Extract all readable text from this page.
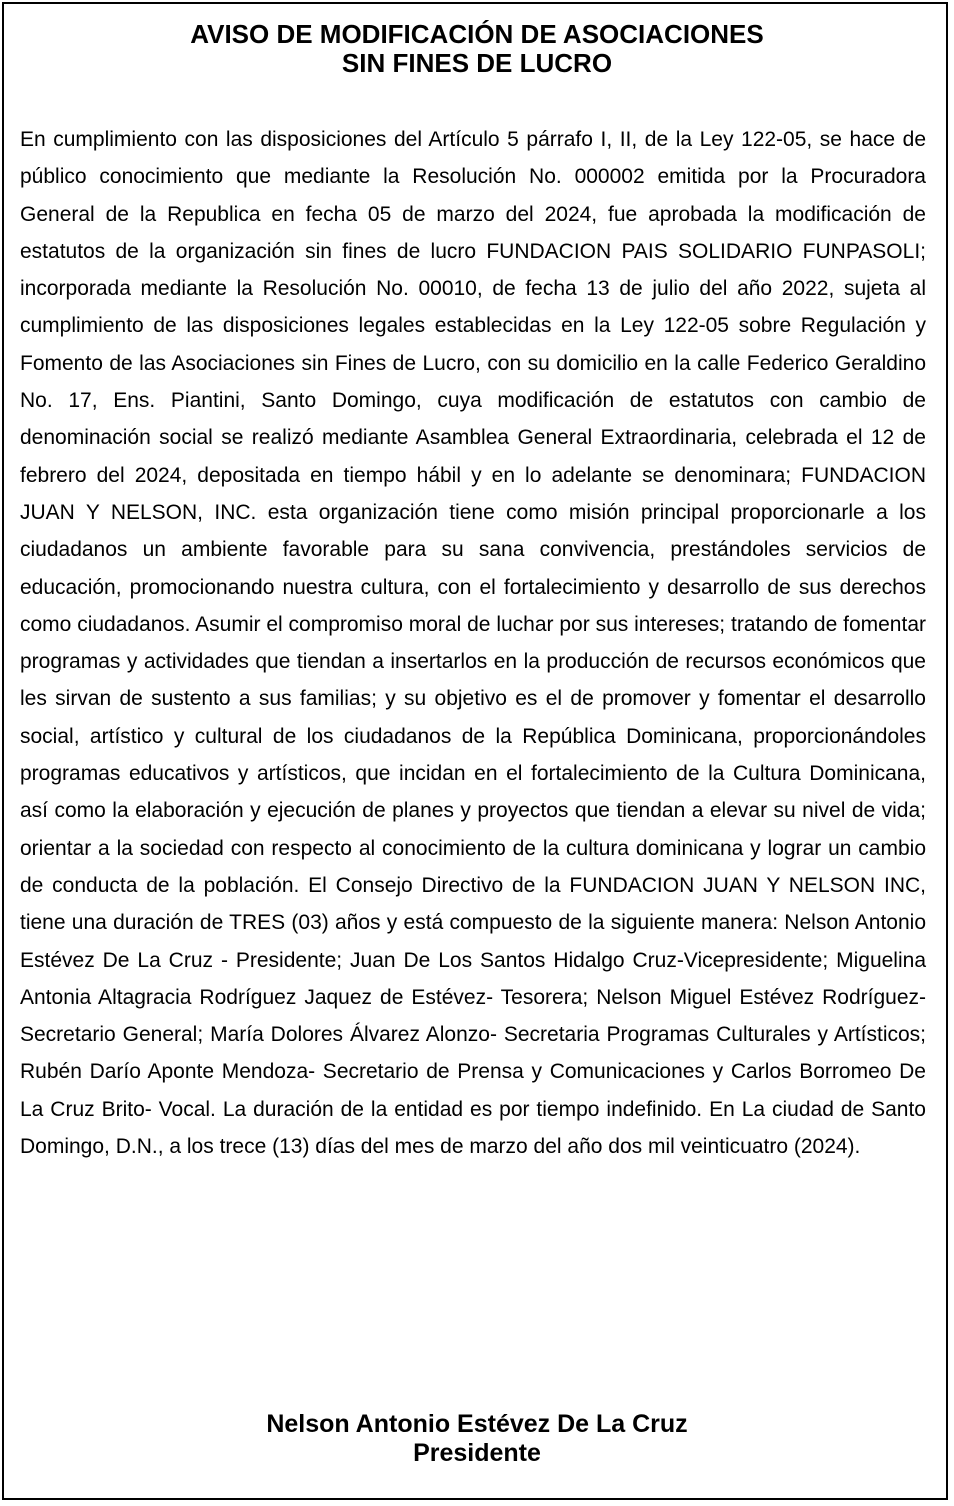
AVISO DE MODIFICACIÓN DE ASOCIACIONES
SIN FINES DE LUCRO

En cumplimiento con las disposiciones del Artículo 5 párrafo I, II, de la Ley 122-05, se hace de público conocimiento que mediante la Resolución No. 000002 emitida por la Procuradora General de la Republica en fecha 05 de marzo del 2024, fue aprobada la modificación de estatutos de la organización sin fines de lucro FUNDACION PAIS SOLIDARIO FUNPASOLI; incorporada mediante la Resolución No. 00010, de fecha 13 de julio del año 2022, sujeta al cumplimiento de las disposiciones legales establecidas en la Ley 122-05 sobre Regulación y Fomento de las Asociaciones sin Fines de Lucro, con su domicilio en la calle Federico Geraldino No. 17, Ens. Piantini, Santo Domingo, cuya modificación de estatutos con cambio de denominación social se realizó mediante Asamblea General Extraordinaria, celebrada el 12 de febrero del 2024, depositada en tiempo hábil y en lo adelante se denominara; FUNDACION JUAN Y NELSON, INC. esta organización tiene como misión principal proporcionarle a los ciudadanos un ambiente favorable para su sana convivencia, prestándoles servicios de educación, promocionando nuestra cultura, con el fortalecimiento y desarrollo de sus derechos como ciudadanos. Asumir el compromiso moral de luchar por sus intereses; tratando de fomentar programas y actividades que tiendan a insertarlos en la producción de recursos económicos que les sirvan de sustento a sus familias; y su objetivo es el de promover y fomentar el desarrollo social, artístico y cultural de los ciudadanos de la República Dominicana, proporcionándoles programas educativos y artísticos, que incidan en el fortalecimiento de la Cultura Dominicana, así como la elaboración y ejecución de planes y proyectos que tiendan a elevar su nivel de vida; orientar a la sociedad con respecto al conocimiento de la cultura dominicana y lograr un cambio de conducta de la población. El Consejo Directivo de la FUNDACION JUAN Y NELSON INC, tiene una duración de TRES (03) años y está compuesto de la siguiente manera: Nelson Antonio Estévez De La Cruz - Presidente; Juan De Los Santos Hidalgo Cruz-Vicepresidente; Miguelina Antonia Altagracia Rodríguez Jaquez de Estévez- Tesorera; Nelson Miguel Estévez Rodríguez- Secretario General; María Dolores Álvarez Alonzo- Secretaria Programas Culturales y Artísticos; Rubén Darío Aponte Mendoza- Secretario de Prensa y Comunicaciones y Carlos Borromeo De La Cruz Brito- Vocal. La duración de la entidad es por tiempo indefinido. En La ciudad de Santo Domingo, D.N., a los trece (13) días del mes de marzo del año dos mil veinticuatro (2024).

Nelson Antonio Estévez De La Cruz
Presidente
